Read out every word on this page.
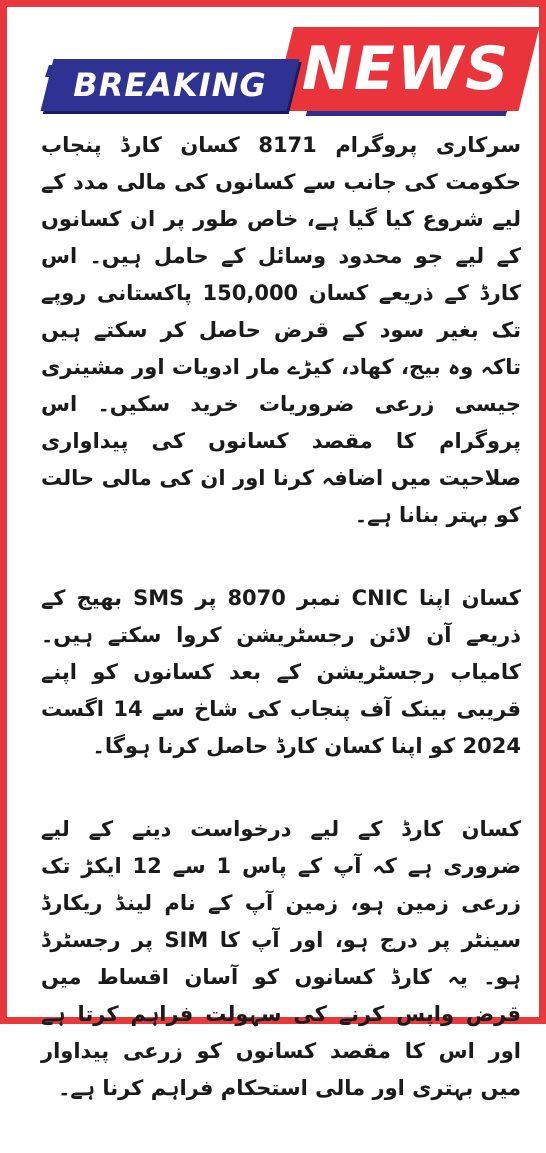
NEWS
BREAKING

سرکاری پروگرام 8171 کسان کارڈ پنجاب حکومت کی جانب سے کسانوں کی مالی مدد کے لیے شروع کیا گیا ہے، خاص طور پر ان کسانوں کے لیے جو محدود وسائل کے حامل ہیں۔ اس کارڈ کے ذریعے کسان 150,000 پاکستانی روپے تک بغیر سود کے قرض حاصل کر سکتے ہیں تاکہ وہ بیج، کھاد، کیڑے مار ادویات اور مشینری جیسی زرعی ضروریات خرید سکیں۔ اس پروگرام کا مقصد کسانوں کی پیداواری صلاحیت میں اضافہ کرنا اور ان کی مالی حالت کو بہتر بنانا ہے۔

کسان اپنا CNIC نمبر 8070 پر SMS بھیج کے ذریعے آن لائن رجسٹریشن کروا سکتے ہیں۔ کامیاب رجسٹریشن کے بعد کسانوں کو اپنے قریبی بینک آف پنجاب کی شاخ سے 14 اگست 2024 کو اپنا کسان کارڈ حاصل کرنا ہوگا۔

کسان کارڈ کے لیے درخواست دینے کے لیے ضروری ہے کہ آپ کے پاس 1 سے 12 ایکڑ تک زرعی زمین ہو، زمین آپ کے نام لینڈ ریکارڈ سینٹر پر درج ہو، اور آپ کا SIM پر رجسٹرڈ ہو۔ یہ کارڈ کسانوں کو آسان اقساط میں قرض واپس کرنے کی سہولت فراہم کرتا ہے اور اس کا مقصد کسانوں کو زرعی پیداوار میں بہتری اور مالی استحکام فراہم کرنا ہے۔
